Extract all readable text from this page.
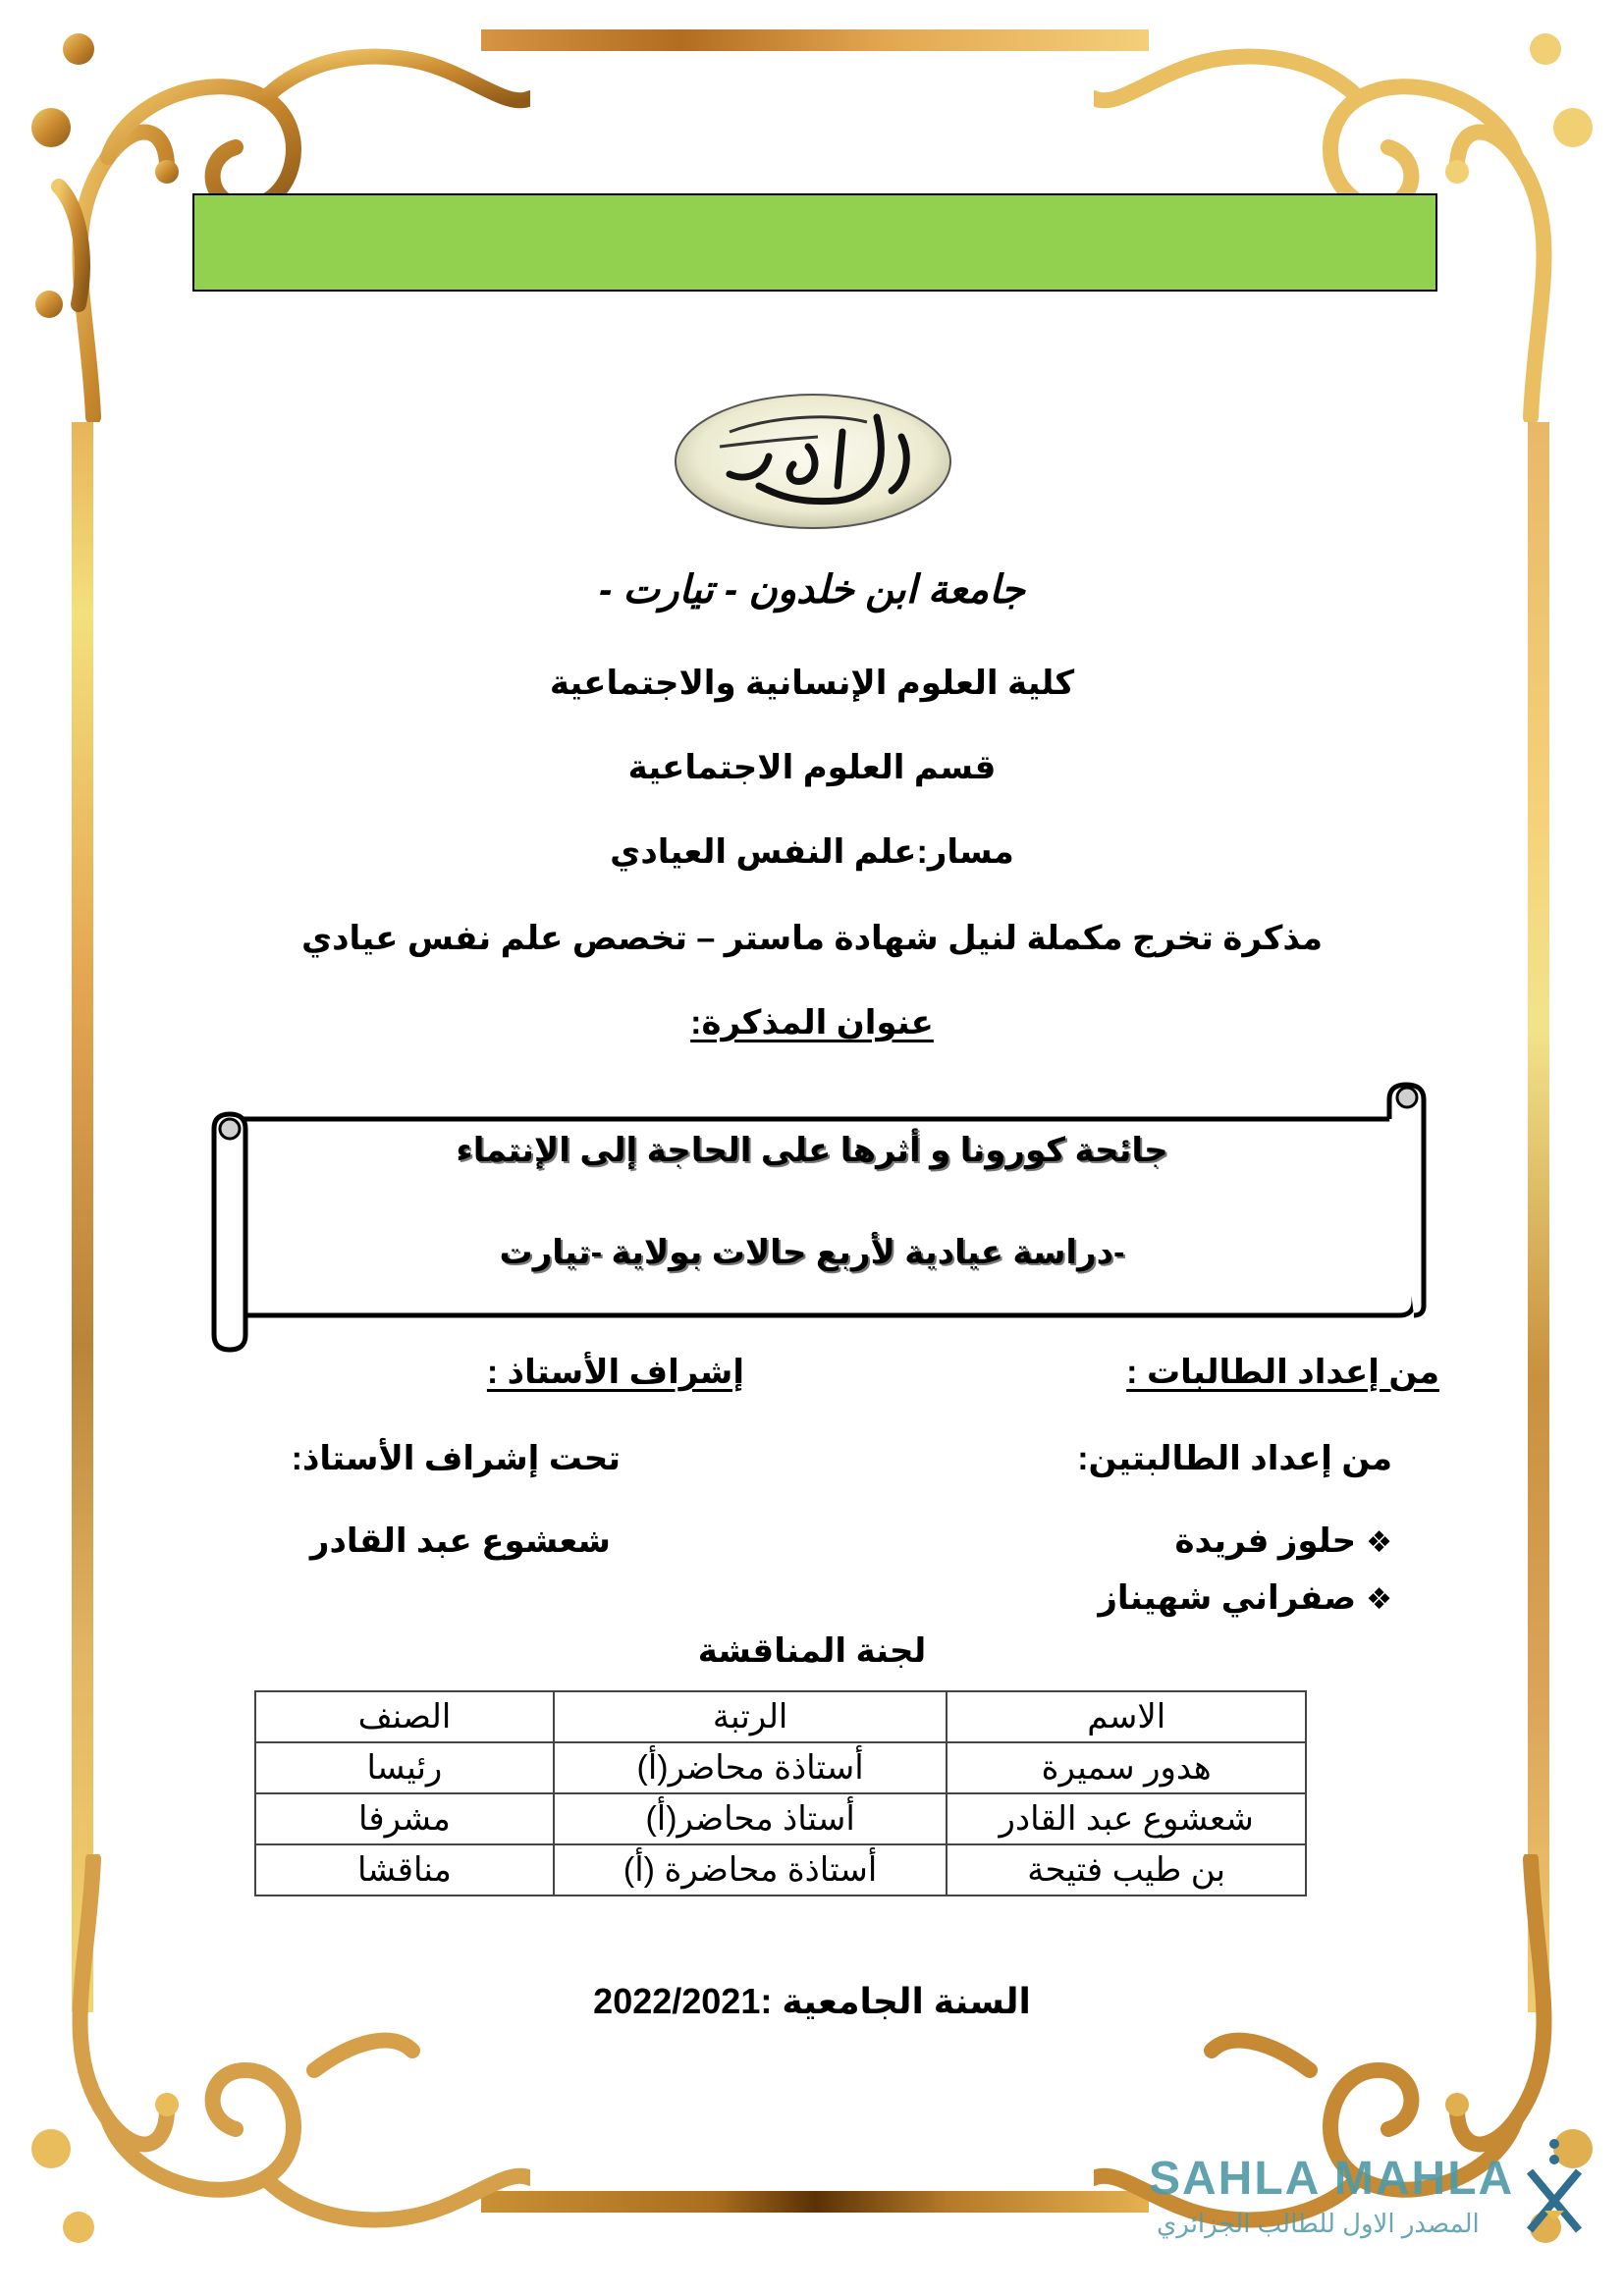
جامعة ابن خلدون - تيارت -
كلية العلوم الإنسانية والاجتماعية
قسم العلوم الاجتماعية
مسار:علم النفس العيادي
مذكرة تخرج مكملة لنيل شهادة ماستر – تخصص علم نفس عيادي
عنوان المذكرة:
جائحة كورونا و أثرها على الحاجة إلى الإنتماء
-دراسة عيادية لأربع حالات بولاية -تيارت
من إعداد الطالبات :
إشراف الأستاذ :
من إعداد الطالبتين:
تحت إشراف الأستاذ:
❖حلوز فريدة
❖صفراني شهيناز
شعشوع عبد القادر
لجنة المناقشة
الاسم	الرتبة	الصنف
هدور سميرة	أستاذة محاضر(أ)	رئيسا
شعشوع عبد القادر	أستاذ محاضر(أ)	مشرفا
بن طيب فتيحة	أستاذة محاضرة (أ)	مناقشا
السنة الجامعية :2022/2021
SAHLA MAHLA
المصدر الاول للطالب الجزائري
